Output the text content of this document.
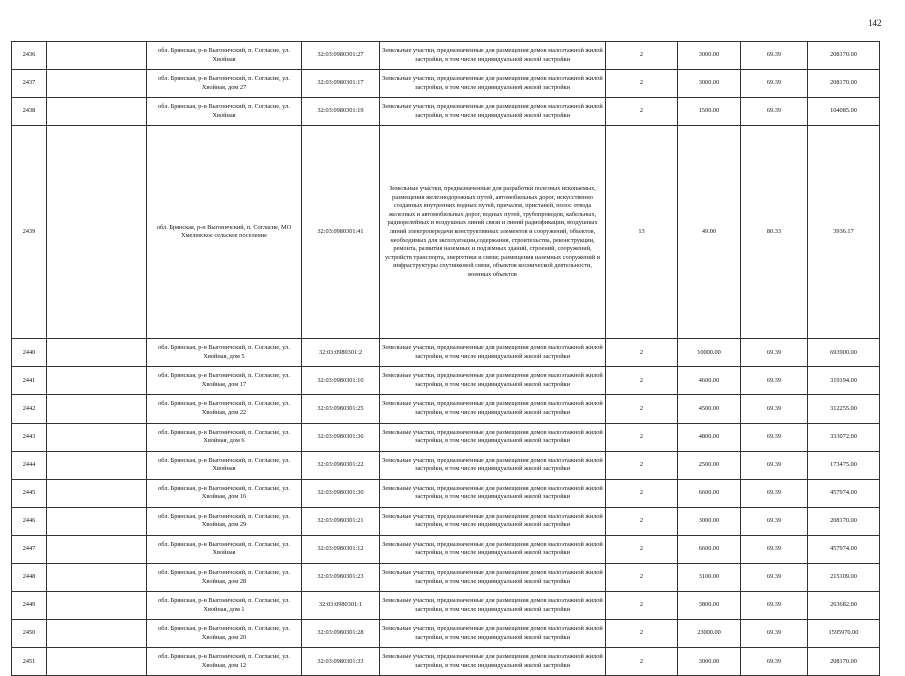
142
2436		обл. Брянская, р-н Выгоничский, п. Согласие, ул. Хвойная	32:03:0980301:27	Земельные участки, предназначенные для размещения домов малоэтажной жилой застройки, в том числе индивидуальной жилой застройки	2	3000.00	69.39	208170.00
2437		обл. Брянская, р-н Выгоничский, п. Согласие, ул. Хвойная, дом 27	32:03:0980301:17	Земельные участки, предназначенные для размещения домов малоэтажной жилой застройки, в том числе индивидуальной жилой застройки	2	3000.00	69.39	208170.00
2438		обл. Брянская, р-н Выгоничский, п. Согласие, ул. Хвойная	32:03:0980301:19	Земельные участки, предназначенные для размещения домов малоэтажной жилой застройки, в том числе индивидуальной жилой застройки	2	1500.00	69.39	104085.00
2439		обл. Брянская, р-н Выгоничский, п. Согласие, МО Хмелевское сельское поселение	32:03:0980301:41	Земельные участки, предназначенные для разработки полезных ископаемых, размещения железнодорожных путей, автомобильных дорог, искусственно созданных внутренних водных путей, причалов, пристаней, полос отвода железных и автомобильных дорог, водных путей, трубопроводов, кабельных, радиорелейных и воздушных линий связи и линий радиофикации, воздушных линий электропередачи конструктивных элементов и сооружений, объектов, необходимых для эксплуатации,содержания, строительства, реконструкции, ремонта, развития наземных и подземных зданий, строений, сооружений, устройств транспорта, энергетики и связи; размещения наземных сооружений и инфраструктуры спутниковой связи, объектов космической деятельности, военных объектов	13	49.00	80.33	3936.17
2440		обл. Брянская, р-н Выгоничский, п. Согласие, ул. Хвойная, дом 5	32:03:0980301:2	Земельные участки, предназначенные для размещения домов малоэтажной жилой застройки, в том числе индивидуальной жилой застройки	2	10000.00	69.39	693900.00
2441		обл. Брянская, р-н Выгоничский, п. Согласие, ул. Хвойная, дом 17	32:03:0980301:10	Земельные участки, предназначенные для размещения домов малоэтажной жилой застройки, в том числе индивидуальной жилой застройки	2	4600.00	69.39	319194.00
2442		обл. Брянская, р-н Выгоничский, п. Согласие, ул. Хвойная, дом 22	32:03:0980301:25	Земельные участки, предназначенные для размещения домов малоэтажной жилой застройки, в том числе индивидуальной жилой застройки	2	4500.00	69.39	312255.00
2443		обл. Брянская, р-н Выгоничский, п. Согласие, ул. Хвойная, дом 6	32:03:0980301:36	Земельные участки, предназначенные для размещения домов малоэтажной жилой застройки, в том числе индивидуальной жилой застройки	2	4800.00	69.39	333072.00
2444		обл. Брянская, р-н Выгоничский, п. Согласие, ул. Хвойная	32:03:0980301:22	Земельные участки, предназначенные для размещения домов малоэтажной жилой застройки, в том числе индивидуальной жилой застройки	2	2500.00	69.39	173475.00
2445		обл. Брянская, р-н Выгоничский, п. Согласие, ул. Хвойная, дом 16	32:03:0980301:30	Земельные участки, предназначенные для размещения домов малоэтажной жилой застройки, в том числе индивидуальной жилой застройки	2	6600.00	69.39	457974.00
2446		обл. Брянская, р-н Выгоничский, п. Согласие, ул. Хвойная, дом 29	32:03:0980301:21	Земельные участки, предназначенные для размещения домов малоэтажной жилой застройки, в том числе индивидуальной жилой застройки	2	3000.00	69.39	208170.00
2447		обл. Брянская, р-н Выгоничский, п. Согласие, ул. Хвойная	32:03:0980301:12	Земельные участки, предназначенные для размещения домов малоэтажной жилой застройки, в том числе индивидуальной жилой застройки	2	6600.00	69.39	457974.00
2448		обл. Брянская, р-н Выгоничский, п. Согласие, ул. Хвойная, дом 28	32:03:0980301:23	Земельные участки, предназначенные для размещения домов малоэтажной жилой застройки, в том числе индивидуальной жилой застройки	2	3100.00	69.39	215109.00
2449		обл. Брянская, р-н Выгоничский, п. Согласие, ул. Хвойная, дом 1	32:03:0980301:1	Земельные участки, предназначенные для размещения домов малоэтажной жилой застройки, в том числе индивидуальной жилой застройки	2	3800.00	69.39	263682.00
2450		обл. Брянская, р-н Выгоничский, п. Согласие, ул. Хвойная, дом 20	32:03:0980301:28	Земельные участки, предназначенные для размещения домов малоэтажной жилой застройки, в том числе индивидуальной жилой застройки	2	23000.00	69.39	1595970.00
2451		обл. Брянская, р-н Выгоничский, п. Согласие, ул. Хвойная, дом 12	32:03:0980301:33	Земельные участки, предназначенные для размещения домов малоэтажной жилой застройки, в том числе индивидуальной жилой застройки	2	3000.00	69.39	208170.00
